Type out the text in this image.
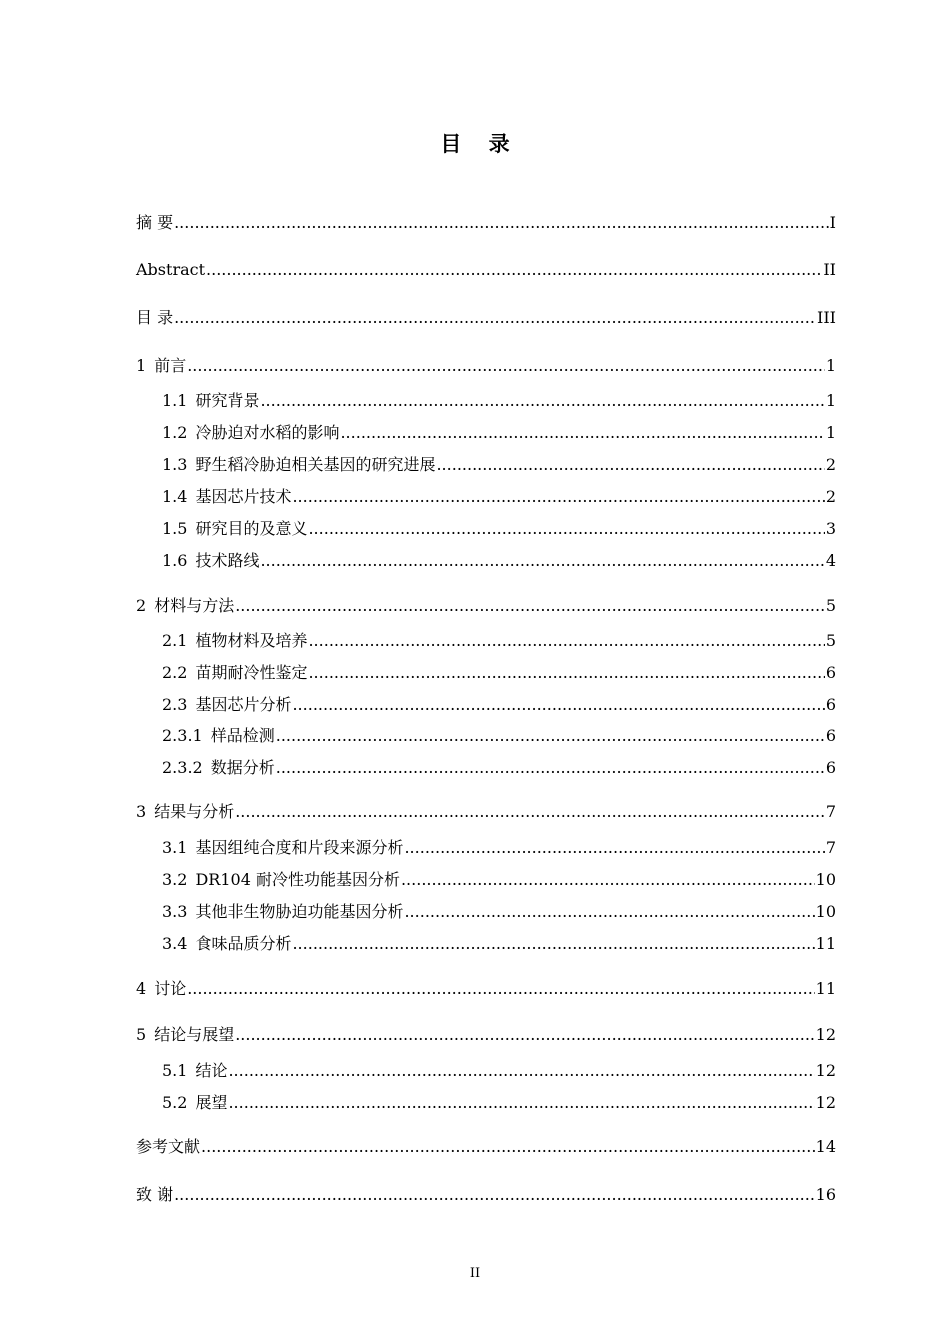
目 录
摘 要 .....	I
Abstract .....	II
目 录 .....	III
1 前言 .....	1
1.1 研究背景 .....	1
1.2 冷胁迫对水稻的影响 .....	1
1.3 野生稻冷胁迫相关基因的研究进展 .....	2
1.4 基因芯片技术 .....	2
1.5 研究目的及意义 .....	3
1.6 技术路线 .....	4
2 材料与方法 .....	5
2.1 植物材料及培养 .....	5
2.2 苗期耐冷性鉴定 .....	6
2.3 基因芯片分析 .....	6
2.3.1 样品检测 .....	6
2.3.2 数据分析 .....	6
3 结果与分析 .....	7
3.1 基因组纯合度和片段来源分析 .....	7
3.2 DR104 耐冷性功能基因分析 .....	10
3.3 其他非生物胁迫功能基因分析 .....	10
3.4 食味品质分析 .....	11
4 讨论 .....	11
5 结论与展望 .....	12
5.1 结论 .....	12
5.2 展望 .....	12
参考文献 .....	14
致 谢 .....	16
II
